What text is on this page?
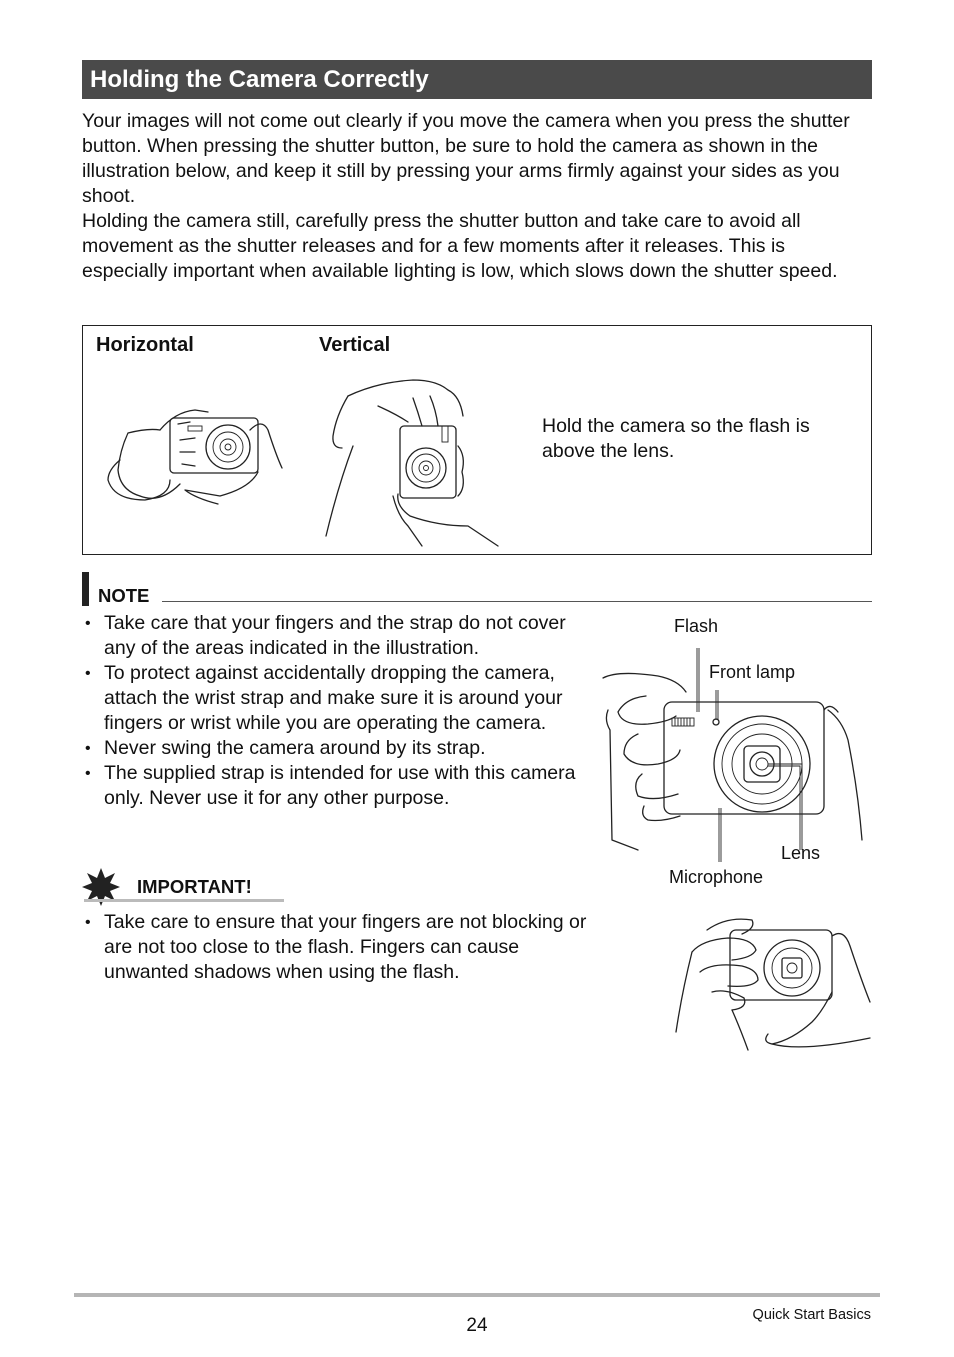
Holding the Camera Correctly
Your images will not come out clearly if you move the camera when you press the shutter button. When pressing the shutter button, be sure to hold the camera as shown in the illustration below, and keep it still by pressing your arms firmly against your sides as you shoot.
Holding the camera still, carefully press the shutter button and take care to avoid all movement as the shutter releases and for a few moments after it releases. This is especially important when available lighting is low, which slows down the shutter speed.
Horizontal	Vertical
Hold the camera so the flash is above the lens.
NOTE
• Take care that your fingers and the strap do not cover any of the areas indicated in the illustration.
• To protect against accidentally dropping the camera, attach the wrist strap and make sure it is around your fingers or wrist while you are operating the camera.
• Never swing the camera around by its strap.
• The supplied strap is intended for use with this camera only. Never use it for any other purpose.
Flash
Front lamp
Lens
Microphone
IMPORTANT!
• Take care to ensure that your fingers are not blocking or are not too close to the flash. Fingers can cause unwanted shadows when using the flash.
24	Quick Start Basics
